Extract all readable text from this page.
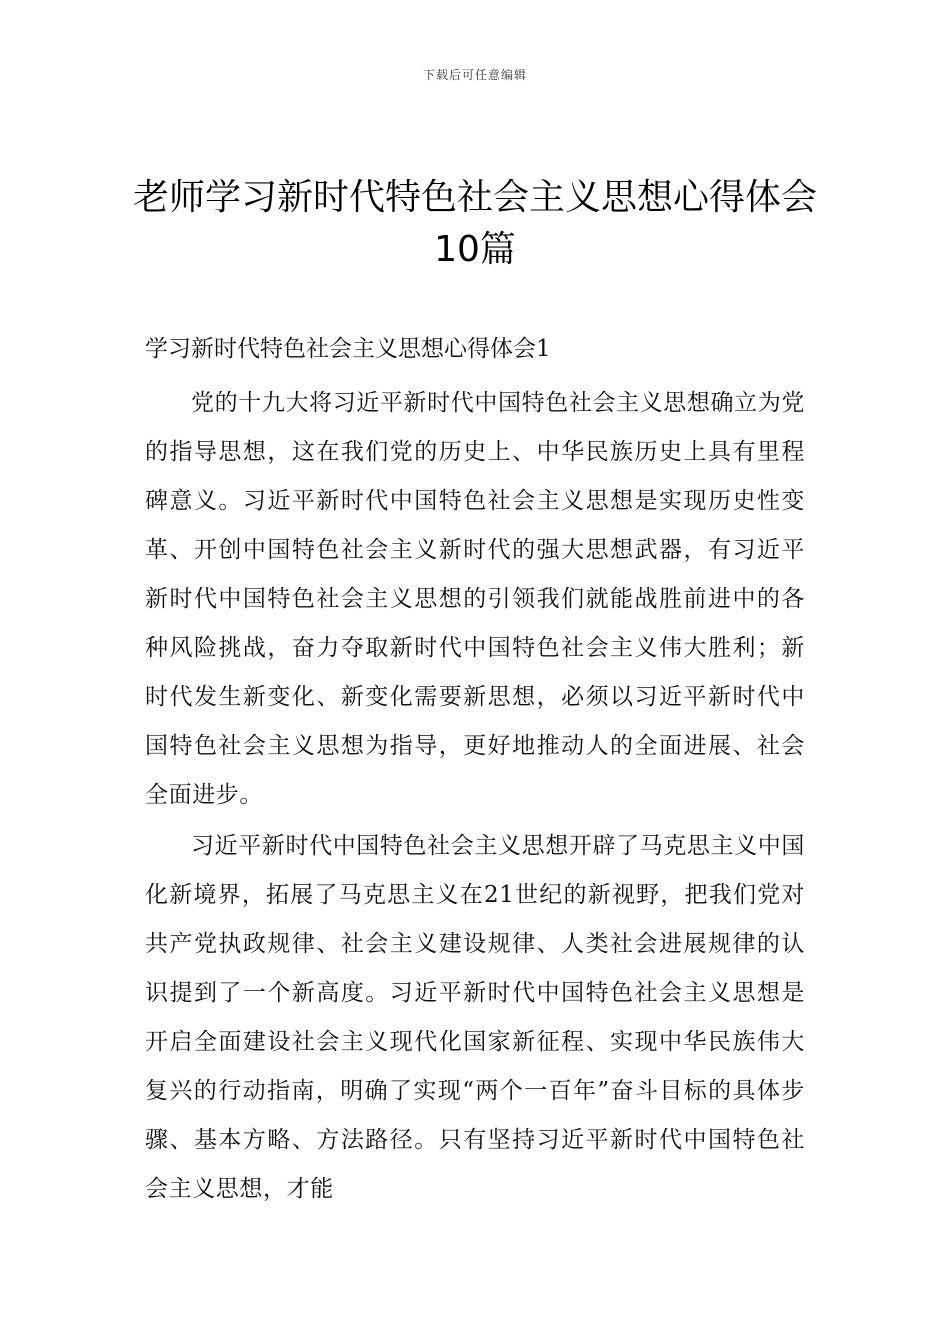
下载后可任意编辑
老师学习新时代特色社会主义思想心得体会10篇
学习新时代特色社会主义思想心得体会1

党的十九大将习近平新时代中国特色社会主义思想确立为党的指导思想，这在我们党的历史上、中华民族历史上具有里程碑意义。习近平新时代中国特色社会主义思想是实现历史性变革、开创中国特色社会主义新时代的强大思想武器，有习近平新时代中国特色社会主义思想的引领我们就能战胜前进中的各种风险挑战，奋力夺取新时代中国特色社会主义伟大胜利；新时代发生新变化、新变化需要新思想，必须以习近平新时代中国特色社会主义思想为指导，更好地推动人的全面进展、社会全面进步。

习近平新时代中国特色社会主义思想开辟了马克思主义中国化新境界，拓展了马克思主义在21世纪的新视野，把我们党对共产党执政规律、社会主义建设规律、人类社会进展规律的认识提到了一个新高度。习近平新时代中国特色社会主义思想是开启全面建设社会主义现代化国家新征程、实现中华民族伟大复兴的行动指南，明确了实现“两个一百年”奋斗目标的具体步骤、基本方略、方法路径。只有坚持习近平新时代中国特色社会主义思想，才能
